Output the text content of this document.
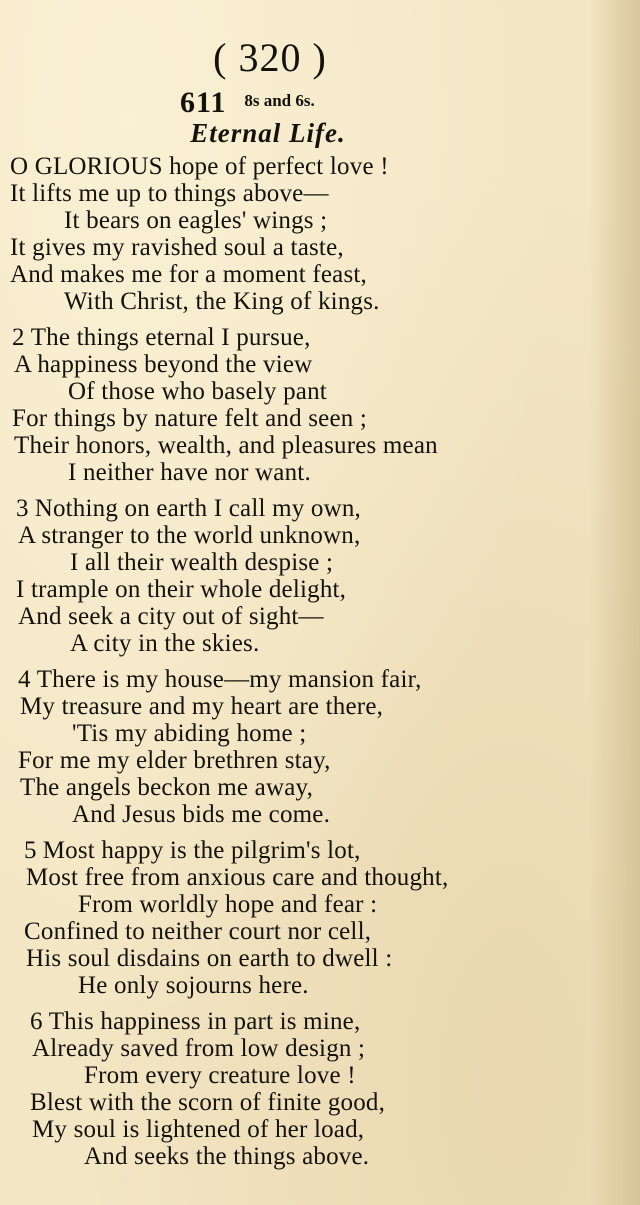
( 320 )
611 8s and 6s.
Eternal Life.
O GLORIOUS hope of perfect love !
It lifts me up to things above—
It bears on eagles' wings ;
It gives my ravished soul a taste,
And makes me for a moment feast,
With Christ, the King of kings.
2 The things eternal I pursue,
A happiness beyond the view
Of those who basely pant
For things by nature felt and seen ;
Their honors, wealth, and pleasures mean
I neither have nor want.
3 Nothing on earth I call my own,
A stranger to the world unknown,
I all their wealth despise ;
I trample on their whole delight,
And seek a city out of sight—
A city in the skies.
4 There is my house—my mansion fair,
My treasure and my heart are there,
'Tis my abiding home ;
For me my elder brethren stay,
The angels beckon me away,
And Jesus bids me come.
5 Most happy is the pilgrim's lot,
Most free from anxious care and thought,
From worldly hope and fear :
Confined to neither court nor cell,
His soul disdains on earth to dwell :
He only sojourns here.
6 This happiness in part is mine,
Already saved from low design ;
From every creature love !
Blest with the scorn of finite good,
My soul is lightened of her load,
And seeks the things above.
